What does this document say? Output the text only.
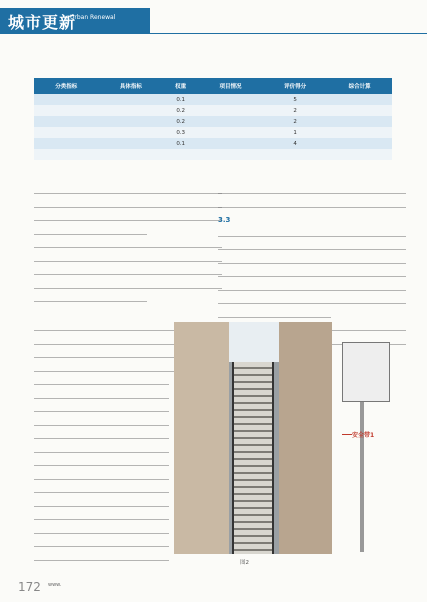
城市更新
Urban Renewal
分类指标	具体指标	权重	项目情况	评价得分	综合计算
		0.1		5	
		0.2		2	
		0.2		2	
		0.3		1	
		0.1		4	

3.3
安全带1
图2
172 www.
